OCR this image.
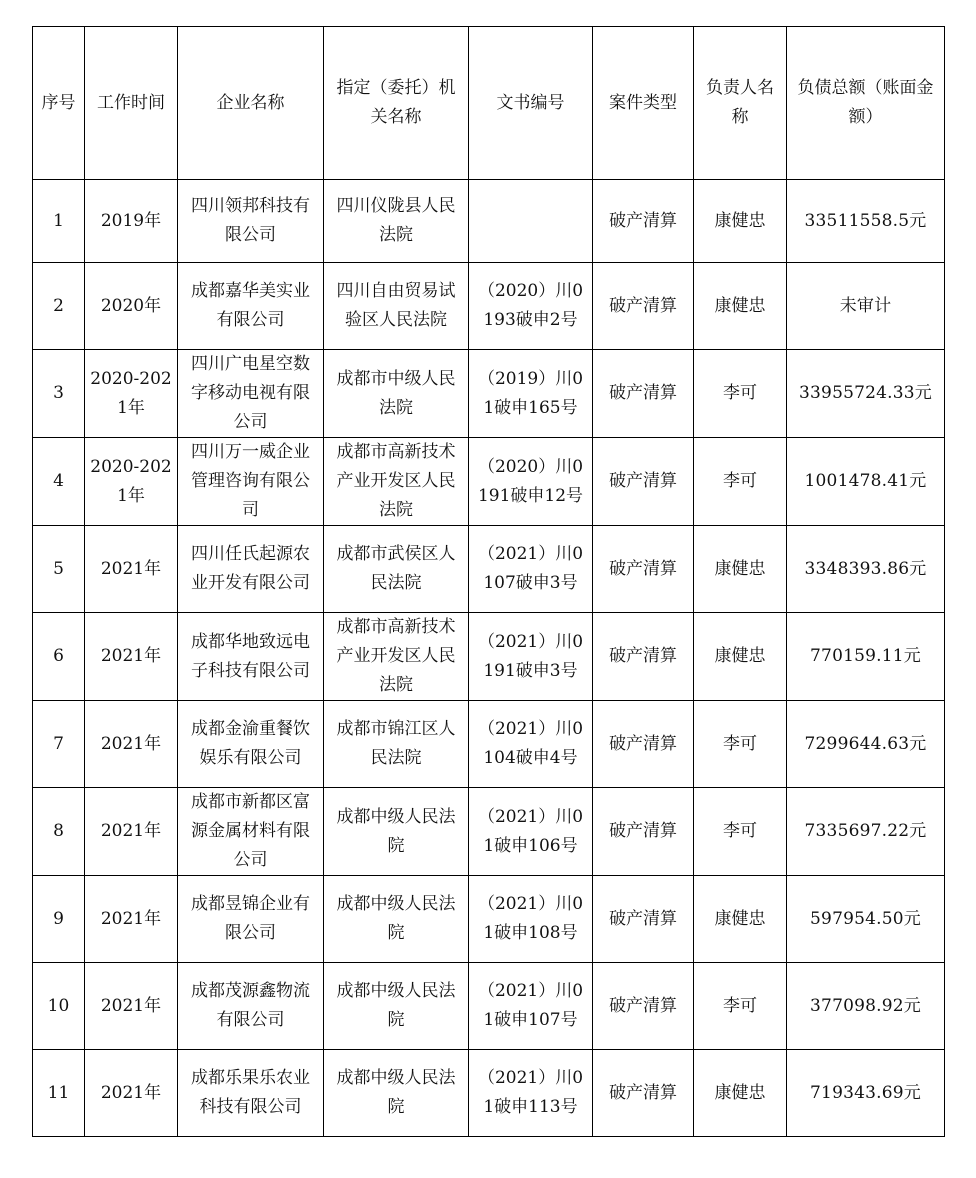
序号	工作时间	企业名称	指定（委托）机关名称	文书编号	案件类型	负责人名称	负债总额（账面金额）
1	2019年	四川领邦科技有限公司	四川仪陇县人民法院		破产清算	康健忠	33511558.5元
2	2020年	成都嘉华美实业有限公司	四川自由贸易试验区人民法院	（2020）川0193破申2号	破产清算	康健忠	未审计
3	2020-2021年	四川广电星空数字移动电视有限公司	成都市中级人民法院	（2019）川01破申165号	破产清算	李可	33955724.33元
4	2020-2021年	四川万一威企业管理咨询有限公司	成都市高新技术产业开发区人民法院	（2020）川0191破申12号	破产清算	李可	1001478.41元
5	2021年	四川任氏起源农业开发有限公司	成都市武侯区人民法院	（2021）川0107破申3号	破产清算	康健忠	3348393.86元
6	2021年	成都华地致远电子科技有限公司	成都市高新技术产业开发区人民法院	（2021）川0191破申3号	破产清算	康健忠	770159.11元
7	2021年	成都金渝重餐饮娱乐有限公司	成都市锦江区人民法院	（2021）川0104破申4号	破产清算	李可	7299644.63元
8	2021年	成都市新都区富源金属材料有限公司	成都中级人民法院	（2021）川01破申106号	破产清算	李可	7335697.22元
9	2021年	成都昱锦企业有限公司	成都中级人民法院	（2021）川01破申108号	破产清算	康健忠	597954.50元
10	2021年	成都茂源鑫物流有限公司	成都中级人民法院	（2021）川01破申107号	破产清算	李可	377098.92元
11	2021年	成都乐果乐农业科技有限公司	成都中级人民法院	（2021）川01破申113号	破产清算	康健忠	719343.69元
